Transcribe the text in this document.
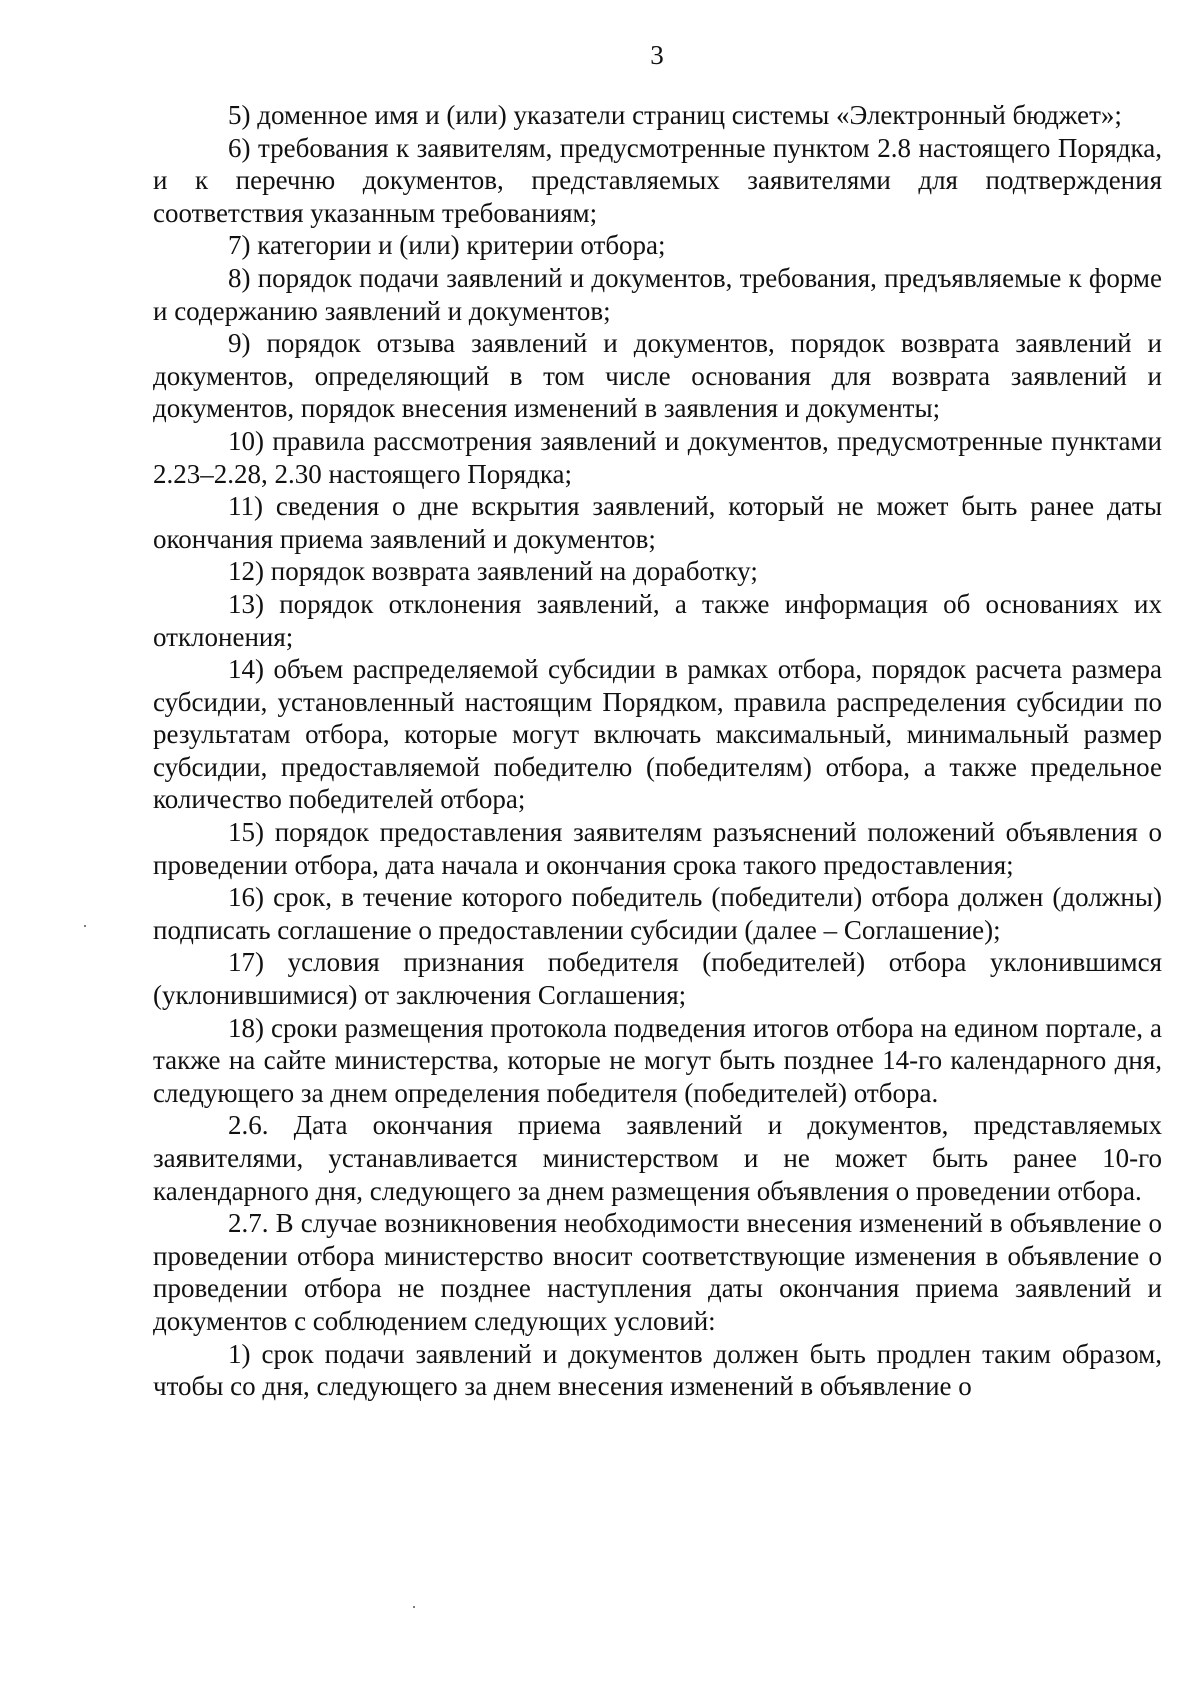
3

5) доменное имя и (или) указатели страниц системы «Электронный бюджет»;

6) требования к заявителям, предусмотренные пунктом 2.8 настоящего Порядка, и к перечню документов, представляемых заявителями для подтверждения соответствия указанным требованиям;

7) категории и (или) критерии отбора;

8) порядок подачи заявлений и документов, требования, предъявляемые к форме и содержанию заявлений и документов;

9) порядок отзыва заявлений и документов, порядок возврата заявлений и документов, определяющий в том числе основания для возврата заявлений и документов, порядок внесения изменений в заявления и документы;

10) правила рассмотрения заявлений и документов, предусмотренные пунктами 2.23–2.28, 2.30 настоящего Порядка;

11) сведения о дне вскрытия заявлений, который не может быть ранее даты окончания приема заявлений и документов;

12) порядок возврата заявлений на доработку;

13) порядок отклонения заявлений, а также информация об основаниях их отклонения;

14) объем распределяемой субсидии в рамках отбора, порядок расчета размера субсидии, установленный настоящим Порядком, правила распределения субсидии по результатам отбора, которые могут включать максимальный, минимальный размер субсидии, предоставляемой победителю (победителям) отбора, а также предельное количество победителей отбора;

15) порядок предоставления заявителям разъяснений положений объявления о проведении отбора, дата начала и окончания срока такого предоставления;

16) срок, в течение которого победитель (победители) отбора должен (должны) подписать соглашение о предоставлении субсидии (далее – Соглашение);

17) условия признания победителя (победителей) отбора уклонившимся (уклонившимися) от заключения Соглашения;

18) сроки размещения протокола подведения итогов отбора на едином портале, а также на сайте министерства, которые не могут быть позднее 14-го календарного дня, следующего за днем определения победителя (победителей) отбора.

2.6. Дата окончания приема заявлений и документов, представляемых заявителями, устанавливается министерством и не может быть ранее 10-го календарного дня, следующего за днем размещения объявления о проведении отбора.

2.7. В случае возникновения необходимости внесения изменений в объявление о проведении отбора министерство вносит соответствующие изменения в объявление о проведении отбора не позднее наступления даты окончания приема заявлений и документов с соблюдением следующих условий:

1) срок подачи заявлений и документов должен быть продлен таким образом, чтобы со дня, следующего за днем внесения изменений в объявление о
